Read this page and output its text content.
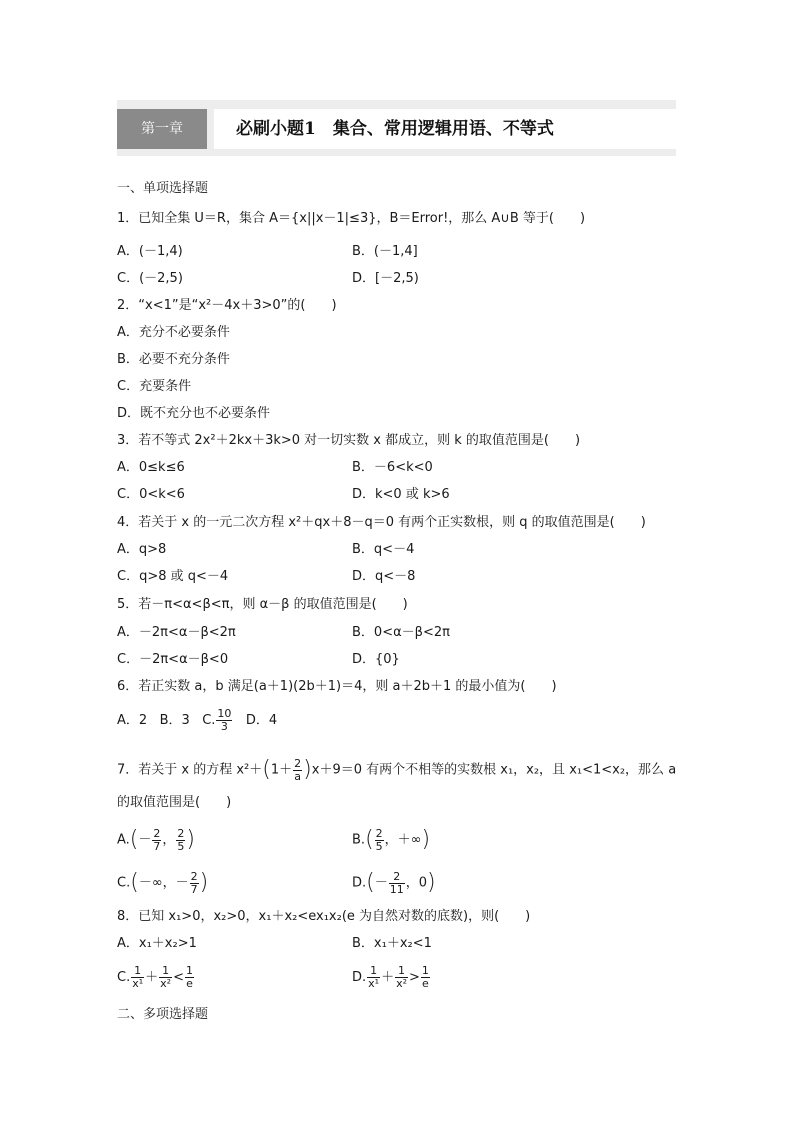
第一章	必刷小题1　集合、常用逻辑用语、不等式
一、单项选择题
1．已知全集 U＝R，集合 A＝{x||x－1|≤3}，B＝Error!，那么 A∪B 等于(　　)
A．(－1,4)	B．(－1,4]
C．(－2,5)	D．[－2,5)
2．“x<1”是“x²－4x＋3>0”的(　　)
A．充分不必要条件
B．必要不充分条件
C．充要条件
D．既不充分也不必要条件
3．若不等式 2x²＋2kx＋3k>0 对一切实数 x 都成立，则 k 的取值范围是(　　)
A．0≤k≤6	B．－6<k<0
C．0<k<6	D．k<0 或 k>6
4．若关于 x 的一元二次方程 x²＋qx＋8－q＝0 有两个正实数根，则 q 的取值范围是(　　)
A．q>8	B．q<－4
C．q>8 或 q<－4	D．q<－8
5．若－π<α<β<π，则 α－β 的取值范围是(　　)
A．－2π<α－β<2π	B．0<α－β<2π
C．－2π<α－β<0	D．{0}
6．若正实数 a，b 满足(a＋1)(2b＋1)＝4，则 a＋2b＋1 的最小值为(　　)
A．2 B．3 C. $\frac{10}{3}$ D．4
7．若关于 x 的方程 $x^2+(1+ \frac{2}{a} )x+9=0$ 有两个不相等的实数根 x₁，x₂，且 x₁<1<x₂，那么 a
的取值范围是(　　)
$A.(- \frac{2}{7}$ ， $\frac{2}{5}$ )	$B.( \frac{2}{5}$ ，＋∞)
C.(－∞，－ $\frac{2}{7}$ )	$D.(- \frac{2}{11}$ ，0)
8．已知 x₁>0，x₂>0，x₁＋x₂<ex₁x₂(e 为自然对数的底数)，则(　　)
A．x₁＋x₂>1	B．x₁＋x₂<1
C. $\frac{1}{\text{x¹}} + \frac{1}{\text{x²}} < \frac{1}{e}$	D. $\frac{1}{\text{x¹}} + \frac{1}{\text{x²}} > \frac{1}{e}$
二、多项选择题
